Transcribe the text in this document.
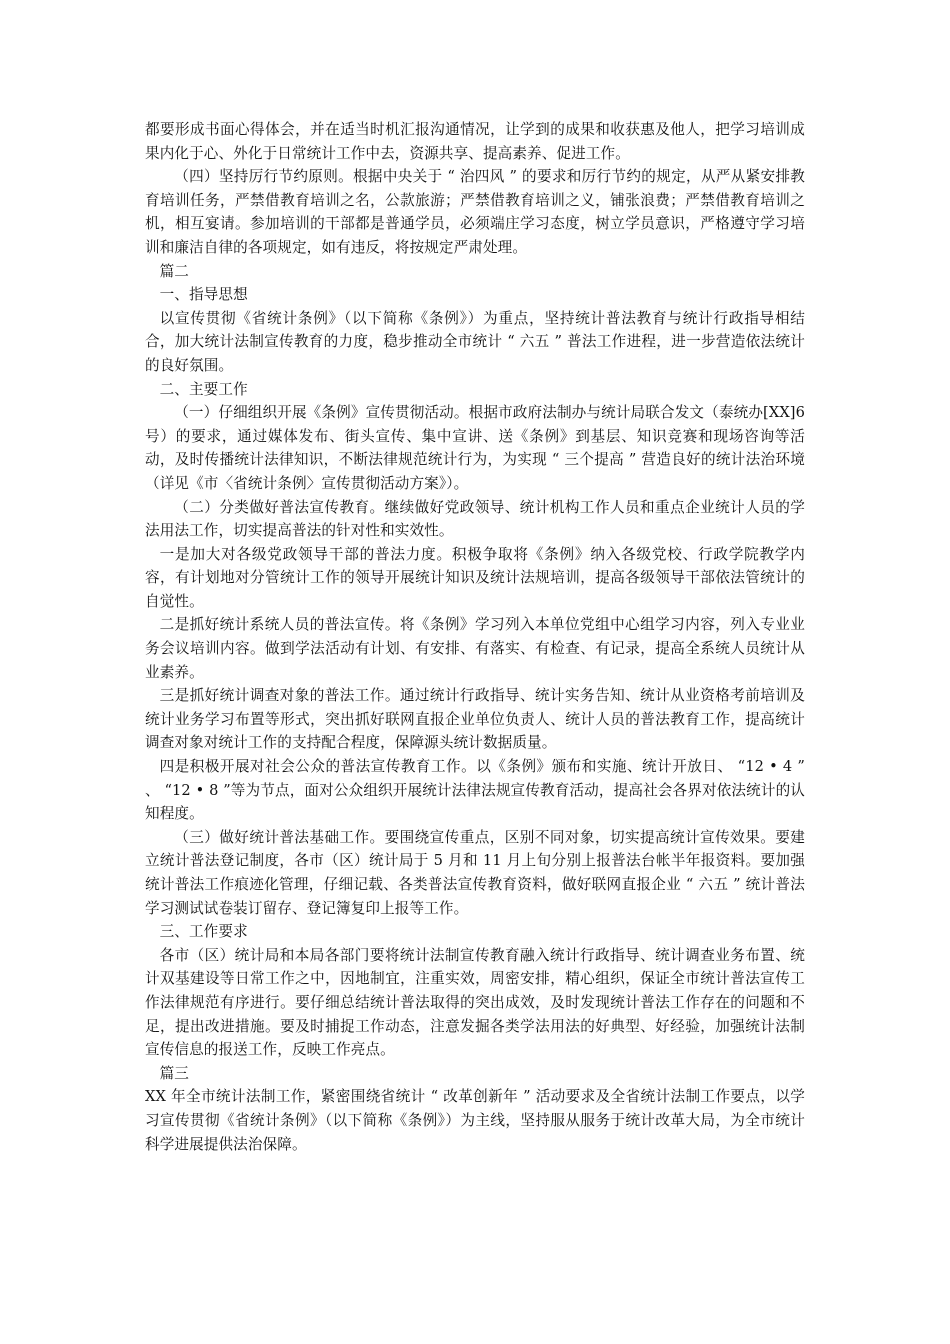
都要形成书面心得体会，并在适当时机汇报沟通情况，让学到的成果和收获惠及他人，把学习培训成果内化于心、外化于日常统计工作中去，资源共享、提高素养、促进工作。

（四）坚持厉行节约原则。根据中央关于 “ 治四风 ” 的要求和厉行节约的规定，从严从紧安排教育培训任务，严禁借教育培训之名，公款旅游；严禁借教育培训之义，铺张浪费；严禁借教育培训之机，相互宴请。参加培训的干部都是普通学员，必须端庄学习态度，树立学员意识，严格遵守学习培训和廉洁自律的各项规定，如有违反，将按规定严肃处理。

篇二

一、指导思想

以宣传贯彻《省统计条例》（以下简称《条例》）为重点，坚持统计普法教育与统计行政指导相结合，加大统计法制宣传教育的力度，稳步推动全市统计 “ 六五 ” 普法工作进程，进一步营造依法统计的良好氛围。

二、主要工作

（一）仔细组织开展《条例》宣传贯彻活动。根据市政府法制办与统计局联合发文（泰统办[XX]6 号）的要求，通过媒体发布、街头宣传、集中宣讲、送《条例》到基层、知识竞赛和现场咨询等活动，及时传播统计法律知识，不断法律规范统计行为，为实现 “ 三个提高 ” 营造良好的统计法治环境（详见《市〈省统计条例〉宣传贯彻活动方案》）。

（二）分类做好普法宣传教育。继续做好党政领导、统计机构工作人员和重点企业统计人员的学法用法工作，切实提高普法的针对性和实效性。

一是加大对各级党政领导干部的普法力度。积极争取将《条例》纳入各级党校、行政学院教学内容，有计划地对分管统计工作的领导开展统计知识及统计法规培训，提高各级领导干部依法管统计的自觉性。

二是抓好统计系统人员的普法宣传。将《条例》学习列入本单位党组中心组学习内容，列入专业业务会议培训内容。做到学法活动有计划、有安排、有落实、有检查、有记录，提高全系统人员统计从业素养。

三是抓好统计调查对象的普法工作。通过统计行政指导、统计实务告知、统计从业资格考前培训及统计业务学习布置等形式，突出抓好联网直报企业单位负责人、统计人员的普法教育工作，提高统计调查对象对统计工作的支持配合程度，保障源头统计数据质量。

四是积极开展对社会公众的普法宣传教育工作。以《条例》颁布和实施、统计开放日、 “12 • 4 ” 、 “12 • 8 ”等为节点，面对公众组织开展统计法律法规宣传教育活动，提高社会各界对依法统计的认知程度。

（三）做好统计普法基础工作。要围绕宣传重点，区别不同对象，切实提高统计宣传效果。要建立统计普法登记制度，各市（区）统计局于 5 月和 11 月上旬分别上报普法台帐半年报资料。要加强统计普法工作痕迹化管理，仔细记载、各类普法宣传教育资料，做好联网直报企业 “ 六五 ” 统计普法学习测试试卷装订留存、登记簿复印上报等工作。

三、工作要求

各市（区）统计局和本局各部门要将统计法制宣传教育融入统计行政指导、统计调查业务布置、统计双基建设等日常工作之中，因地制宜，注重实效，周密安排，精心组织，保证全市统计普法宣传工作法律规范有序进行。要仔细总结统计普法取得的突出成效，及时发现统计普法工作存在的问题和不足，提出改进措施。要及时捕捉工作动态，注意发掘各类学法用法的好典型、好经验，加强统计法制宣传信息的报送工作，反映工作亮点。

篇三

XX 年全市统计法制工作，紧密围绕省统计 “ 改革创新年 ” 活动要求及全省统计法制工作要点，以学习宣传贯彻《省统计条例》（以下简称《条例》）为主线，坚持服从服务于统计改革大局，为全市统计科学进展提供法治保障。
